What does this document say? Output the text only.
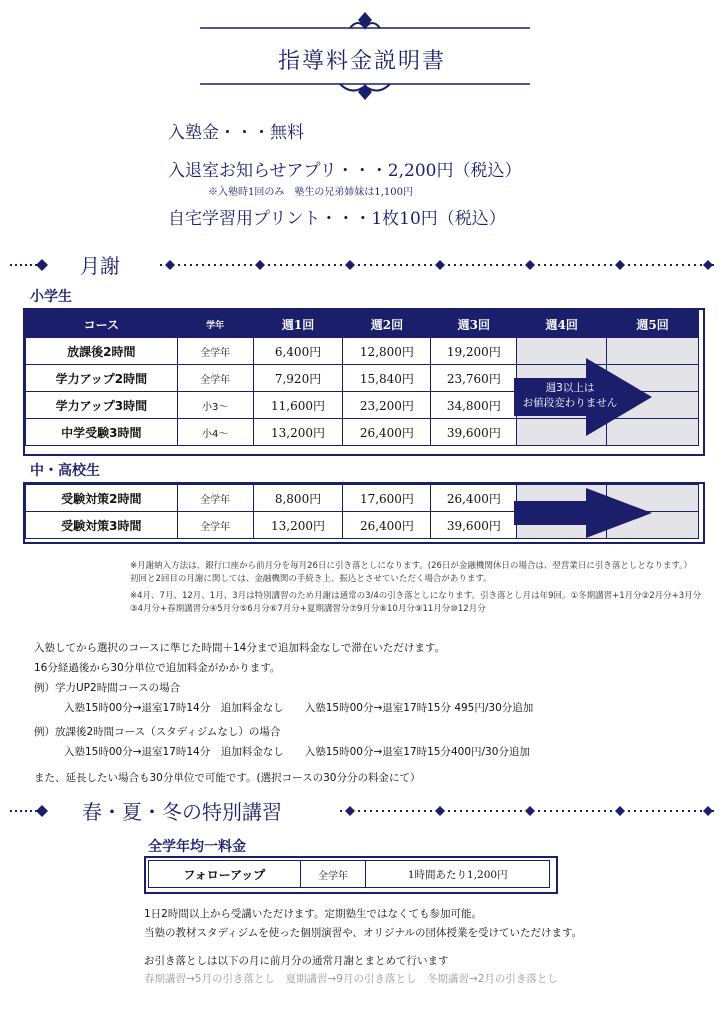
指導料金説明書
入塾金・・・無料
入退室お知らせアプリ・・・2,200円（税込）
※入塾時1回のみ　塾生の兄弟姉妹は1,100円
自宅学習用プリント・・・1枚10円（税込）
月謝
小学生
コース	学年	週1回	週2回	週3回	週4回	週5回
放課後2時間	全学年	6,400円	12,800円	19,200円		
学力アップ2時間	全学年	7,920円	15,840円	23,760円		
学力アップ3時間	小3～	11,600円	23,200円	34,800円		
中学受験3時間	小4～	13,200円	26,400円	39,600円		
週3以上は
お値段変わりません
中・高校生
受験対策2時間	全学年	8,800円	17,600円	26,400円		
受験対策3時間	全学年	13,200円	26,400円	39,600円		
※月謝納入方法は、銀行口座から前月分を毎月26日に引き落としになります。(26日が金融機関休日の場合は、翌営業日に引き落としとなります。）
初回と2回目の月謝に関しては、金融機関の手続き上、振込とさせていただく場合があります。
※4月、7月、12月、1月、3月は特別講習のため月謝は通常の3/4の引き落としになります。引き落とし月は年9回。①冬期講習+1月分②2月分+3月分
③4月分+春期講習分④5月分⑤6月分⑥7月分+夏期講習分⑦9月分⑧10月分⑨11月分⑩12月分
入塾してから選択のコースに準じた時間＋14分まで追加料金なしで滞在いただけます。
16分経過後から30分単位で追加料金がかかります。
例）学力UP2時間コースの場合
入塾15時00分→退室17時14分　追加料金なし　　入塾15時00分→退室17時15分 495円/30分追加
例）放課後2時間コース（スタディジムなし）の場合
入塾15時00分→退室17時14分　追加料金なし　　入塾15時00分→退室17時15分400円/30分追加
また、延長したい場合も30分単位で可能です。(選択コースの30分分の料金にて）
春・夏・冬の特別講習
全学年均一料金
フォローアップ	全学年	1時間あたり1,200円
1日2時間以上から受講いただけます。定期塾生ではなくても参加可能。
当塾の教材スタディジムを使った個別演習や、オリジナルの団体授業を受けていただけます。
お引き落としは以下の月に前月分の通常月謝とまとめて行います
春期講習→5月の引き落とし　夏期講習→9月の引き落とし　冬期講習→2月の引き落とし
